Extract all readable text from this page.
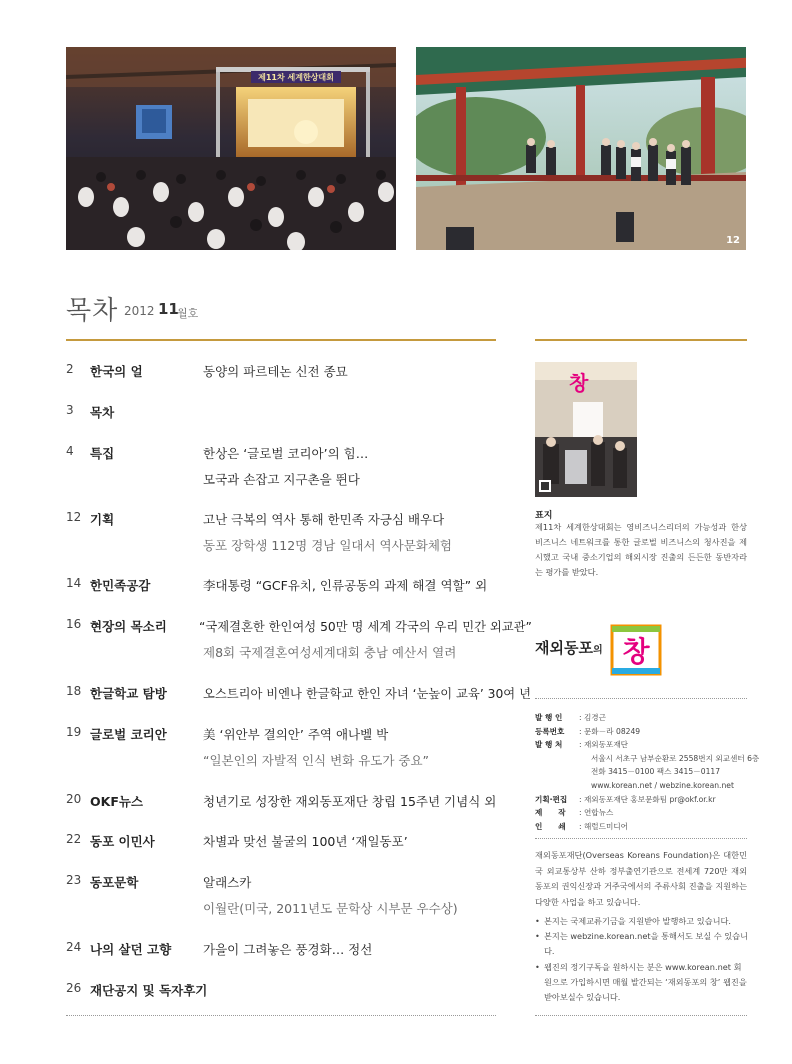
제11차 세계한상대회
12
목차 2012 11
월호
2 한국의 얼	동양의 파르테논 신전 종묘
3 목차
4 특집	한상은 ‘글로벌 코리아’의 힘…
모국과 손잡고 지구촌을 뛴다
12 기획	고난 극복의 역사 통해 한민족 자긍심 배우다
동포 장학생 112명 경남 일대서 역사문화체험
14 한민족공감	李대통령 “GCF유치, 인류공동의 과제 해결 역할” 외
16 현장의 목소리	“국제결혼한 한인여성 50만 명 세계 각국의 우리 민간 외교관”
제8회 국제결혼여성세계대회 충남 예산서 열려
18 한글학교 탐방	오스트리아 비엔나 한글학교 한인 자녀 ‘눈높이 교육’ 30여 년
19 글로벌 코리안	美 ‘위안부 결의안’ 주역 애나벨 박
“일본인의 자발적 인식 변화 유도가 중요”
20 OKF뉴스	청년기로 성장한 재외동포재단 창립 15주년 기념식 외
22 동포 이민사	차별과 맞선 불굴의 100년 ‘재일동포’
23 동포문학	알래스카
이월란(미국, 2011년도 문학상 시부문 우수상)
24 나의 살던 고향	가을이 그려놓은 풍경화… 정선
26 재단공지 및 독자후기
창
표지
제11차 세계한상대회는 영비즈니스리더의 가능성과 한상 비즈니스 네트워크를 통한 글로벌 비즈니스의 청사진을 제시했고 국내 중소기업의 해외시장 진출의 든든한 동반자라는 평가를 받았다.
재외동포의 창
발 행 인 : 김경근
등록번호 : 문화－라 08249
발 행 처 : 재외동포재단
서울시 서초구 남부순환로 2558번지 외교센터 6층
전화 3415－0100 팩스 3415－0117
www.korean.net / webzine.korean.net
기획·편집 : 재외동포재단 홍보문화팀 pr@okf.or.kr
제      작 : 연합뉴스
인      쇄 : 해럴드미디어
재외동포재단(Overseas Koreans Foundation)은 대한민국 외교통상부 산하 정부출연기관으로 전세계 720만 재외동포의 권익신장과 거주국에서의 주류사회 진출을 지원하는 다양한 사업을 하고 있습니다.
• 본지는 국제교류기금을 지원받아 발행하고 있습니다.
• 본지는 webzine.korean.net을 통해서도 보실 수 있습니다.
• 웹진의 정기구독을 원하시는 분은 www.korean.net 회원으로 가입하시면 매월 발간되는 ‘재외동포의 창’ 웹진을 받아보실수 있습니다.
